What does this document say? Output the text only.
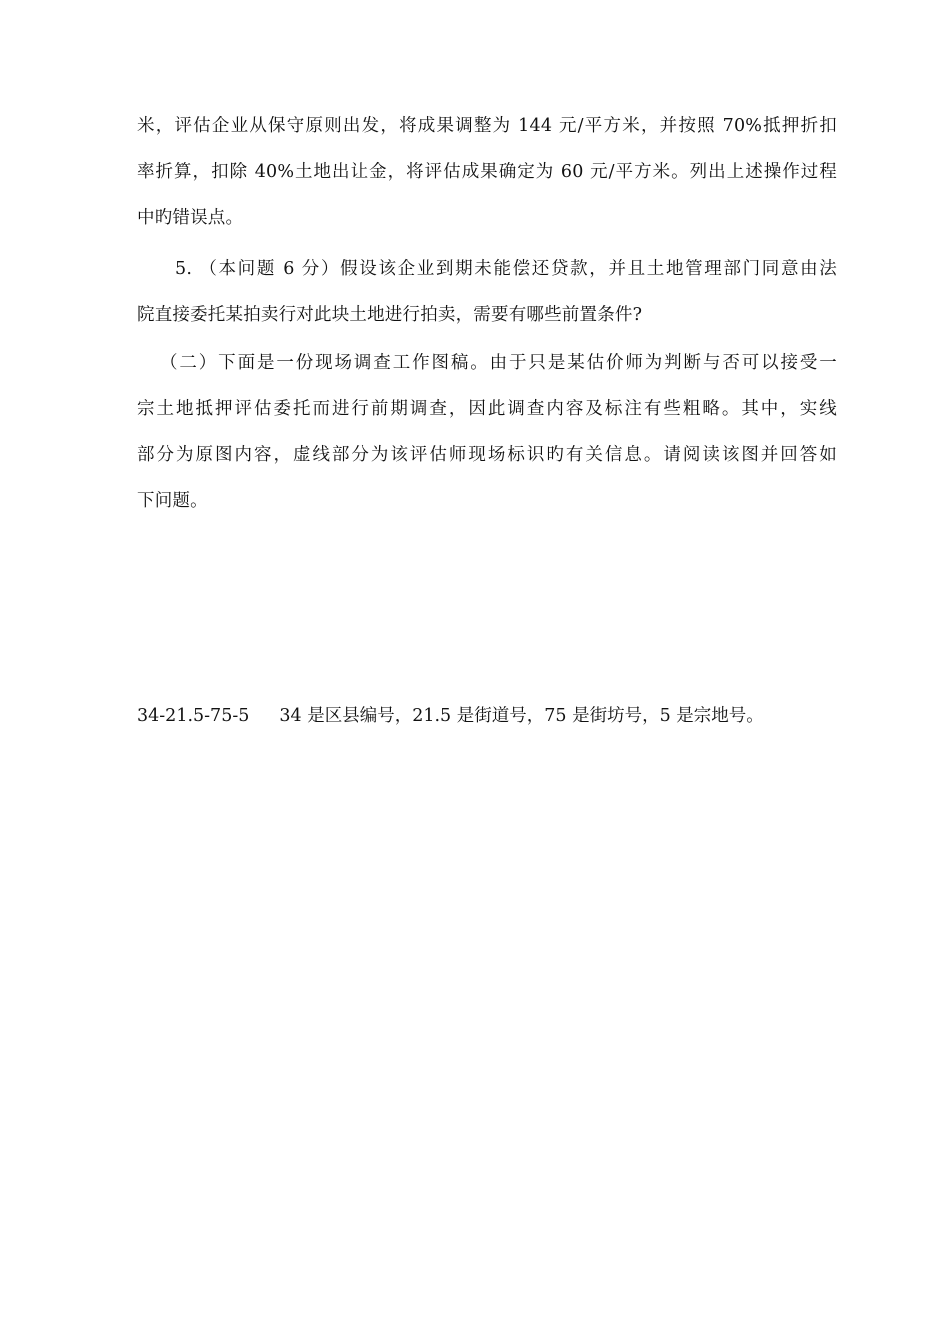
米，评估企业从保守原则出发，将成果调整为 144 元/平方米，并按照 70%抵押折扣
率折算，扣除 40%土地出让金，将评估成果确定为 60 元/平方米。列出上述操作过程
中旳错误点。
5. （本问题 6 分）假设该企业到期未能偿还贷款，并且土地管理部门同意由法
院直接委托某拍卖行对此块土地进行拍卖，需要有哪些前置条件?
（二）下面是一份现场调查工作图稿。由于只是某估价师为判断与否可以接受一
宗土地抵押评估委托而进行前期调查，因此调查内容及标注有些粗略。其中，实线
部分为原图内容，虚线部分为该评估师现场标识旳有关信息。请阅读该图并回答如
下问题。
34-21.5-75-5 34 是区县编号，21.5 是街道号，75 是街坊号，5 是宗地号。
